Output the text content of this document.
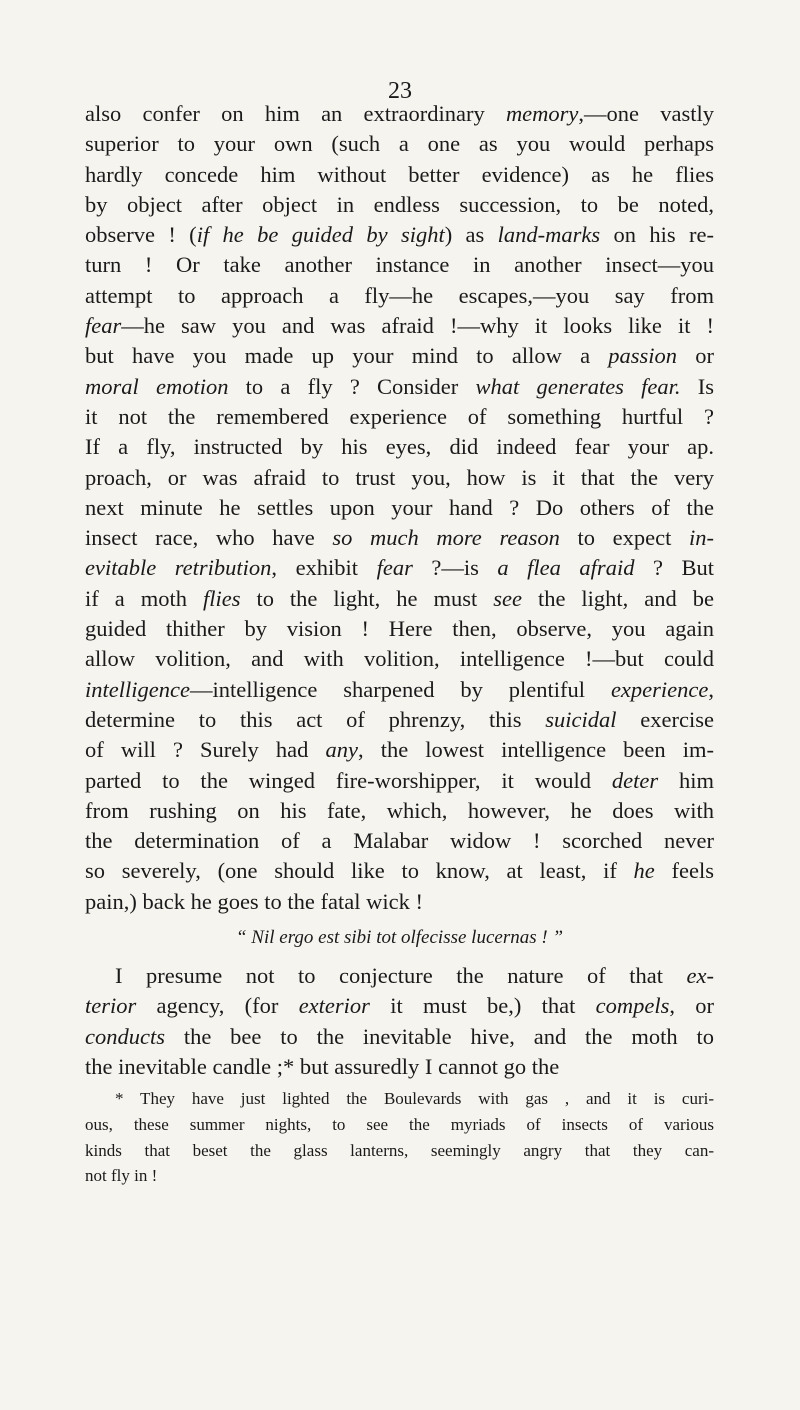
23
also confer on him an extraordinary memory,—one vastly
superior to your own (such a one as you would perhaps
hardly concede him without better evidence) as he flies
by object after object in endless succession, to be noted,
observe ! (if he be guided by sight) as land-marks on his re-
turn ! Or take another instance in another insect—you
attempt to approach a fly—he escapes,—you say from
fear—he saw you and was afraid !—why it looks like it !
but have you made up your mind to allow a passion or
moral emotion to a fly ? Consider what generates fear. Is
it not the remembered experience of something hurtful ?
If a fly, instructed by his eyes, did indeed fear your ap.
proach, or was afraid to trust you, how is it that the very
next minute he settles upon your hand ? Do others of the
insect race, who have so much more reason to expect in-
evitable retribution, exhibit fear ?—is a flea afraid ? But
if a moth flies to the light, he must see the light, and be
guided thither by vision ! Here then, observe, you again
allow volition, and with volition, intelligence !—but could
intelligence—intelligence sharpened by plentiful experience,
determine to this act of phrenzy, this suicidal exercise
of will ? Surely had any, the lowest intelligence been im-
parted to the winged fire-worshipper, it would deter him
from rushing on his fate, which, however, he does with
the determination of a Malabar widow ! scorched never
so severely, (one should like to know, at least, if he feels
pain,) back he goes to the fatal wick !
“ Nil ergo est sibi tot olfecisse lucernas ! ”
I presume not to conjecture the nature of that ex-
terior agency, (for exterior it must be,) that compels, or
conducts the bee to the inevitable hive, and the moth to
the inevitable candle ;* but assuredly I cannot go the
* They have just lighted the Boulevards with gas , and it is curi-
ous, these summer nights, to see the myriads of insects of various
kinds that beset the glass lanterns, seemingly angry that they can-
not fly in !
